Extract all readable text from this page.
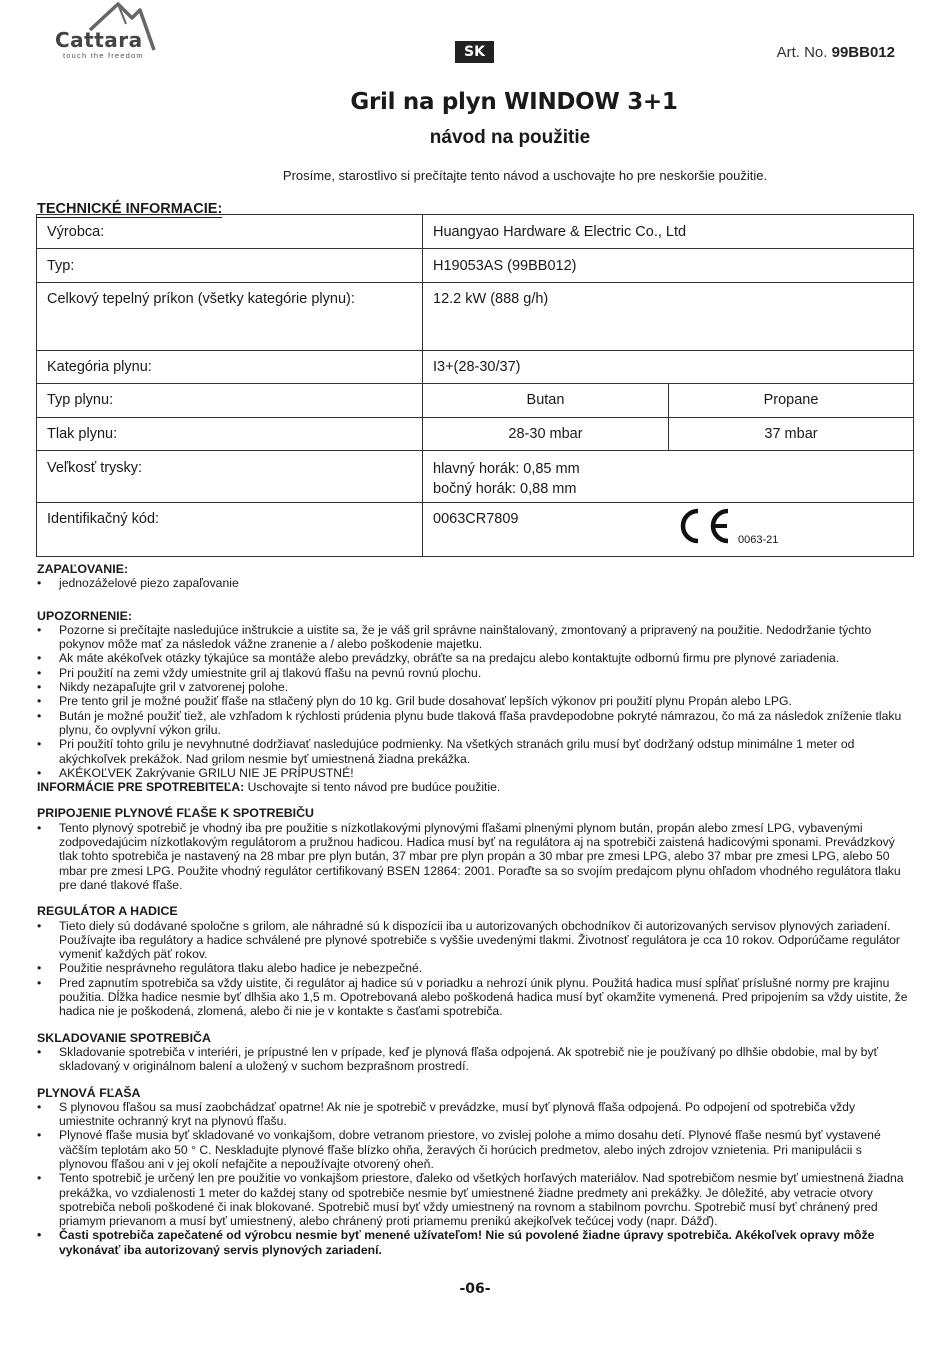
Cattara
touch the freedom	SK	Art. No. 99BB012
Gril na plyn WINDOW 3+1
návod na použitie
Prosíme, starostlivo si prečítajte tento návod a uschovajte ho pre neskoršie použitie.
TECHNICKÉ INFORMACIE:
Výrobca:	Huangyao Hardware & Electric Co., Ltd	
Typ:	H19053AS (99BB012)	
Celkový tepelný príkon (všetky kategórie plynu):	12.2 kW (888 g/h)	
Kategória plynu:	I3+(28-30/37)	
Typ plynu:	Butan	Propane
Tlak plynu:	28-30 mbar	37 mbar
Veľkosť trysky:	hlavný horák: 0,85 mm
bočný horák: 0,88 mm	

Identifikačný kód:	0063CR7809	
0063-21
ZAPAĽOVANIE:
• jednozáželové piezo zapaľovanie
UPOZORNENIE:
• Pozorne si prečítajte nasledujúce inštrukcie a uistite sa, že je váš gril správne nainštalovaný, zmontovaný a pripravený na použitie. Nedodržanie týchto pokynov môže mať za následok vážne zranenie a / alebo poškodenie majetku.
• Ak máte akékoľvek otázky týkajúce sa montáže alebo prevádzky, obráťte sa na predajcu alebo kontaktujte odbornú firmu pre plynové zariadenia.
• Pri použití na zemi vždy umiestnite gril aj tlakovú fľašu na pevnú rovnú plochu.
• Nikdy nezapaľujte gril v zatvorenej polohe.
• Pre tento gril je možné použiť fľaše na stlačený plyn do 10 kg. Gril bude dosahovať lepších výkonov pri použití plynu Propán alebo LPG.
• Bután je možné použiť tiež, ale vzhľadom k rýchlosti prúdenia plynu bude tlaková fľaša pravdepodobne pokryté námrazou, čo má za následok zníženie tlaku plynu, čo ovplyvní výkon grilu.
• Pri použití tohto grilu je nevyhnutné dodržiavať nasledujúce podmienky. Na všetkých stranách grilu musí byť dodržaný odstup minimálne 1 meter od akýchkoľvek prekážok. Nad grilom nesmie byť umiestnená žiadna prekážka.
• AKÉKOĽVEK Zakrývanie GRILU NIE JE PRÍPUSTNÉ!

INFORMÁCIE PRE SPOTREBITEĽA: Uschovajte si tento návod pre budúce použitie.

PRIPOJENIE PLYNOVÉ FĽAŠE K SPOTREBIČU
• Tento plynový spotrebič je vhodný iba pre použitie s nízkotlakovými plynovými fľašami plnenými plynom bután, propán alebo zmesí LPG, vybavenými zodpovedajúcim nízkotlakovým regulátorom a pružnou hadicou. Hadica musí byť na regulátora aj na spotrebiči zaistená hadicovými sponami. Prevádzkový tlak tohto spotrebiča je nastavený na 28 mbar pre plyn bután, 37 mbar pre plyn propán a 30 mbar pre zmesi LPG, alebo 37 mbar pre zmesi LPG, alebo 50 mbar pre zmesi LPG. Použite vhodný regulátor certifikovaný BSEN 12864: 2001. Poraďte sa so svojím predajcom plynu ohľadom vhodného regulátora tlaku pre dané tlakové fľaše.
REGULÁTOR A HADICE
• Tieto diely sú dodávané spoločne s grilom, ale náhradné sú k dispozícii iba u autorizovaných obchodníkov či autorizovaných servisov plynových zariadení. Používajte iba regulátory a hadice schválené pre plynové spotrebiče s vyššie uvedenými tlakmi. Životnosť regulátora je cca 10 rokov. Odporúčame regulátor vymeniť každých päť rokov.
• Použitie nesprávneho regulátora tlaku alebo hadice je nebezpečné.
• Pred zapnutím spotrebiča sa vždy uistite, či regulátor aj hadice sú v poriadku a nehrozí únik plynu. Použitá hadica musí spĺňať príslušné normy pre krajinu použitia. Dĺžka hadice nesmie byť dlhšia ako 1,5 m. Opotrebovaná alebo poškodená hadica musí byť okamžite vymenená. Pred pripojením sa vždy uistite, že hadica nie je poškodená, zlomená, alebo či nie je v kontakte s časťami spotrebiča.
SKLADOVANIE SPOTREBIČA
• Skladovanie spotrebiča v interiéri, je prípustné len v prípade, keď je plynová fľaša odpojená. Ak spotrebič nie je používaný po dlhšie obdobie, mal by byť skladovaný v originálnom balení a uložený v suchom bezprašnom prostredí.
PLYNOVÁ FĽAŠA
• S plynovou fľašou sa musí zaobchádzať opatrne! Ak nie je spotrebič v prevádzke, musí byť plynová fľaša odpojená. Po odpojení od spotrebiča vždy umiestnite ochranný kryt na plynovú fľašu.
• Plynové fľaše musia byť skladované vo vonkajšom, dobre vetranom priestore, vo zvislej polohe a mimo dosahu detí. Plynové fľaše nesmú byť vystavené väčším teplotám ako 50 ° C. Neskladujte plynové fľaše blízko ohňa, žeravých či horúcich predmetov, alebo iných zdrojov vznietenia. Pri manipulácii s plynovou fľašou ani v jej okolí nefajčite a nepoužívajte otvorený oheň.
• Tento spotrebič je určený len pre použitie vo vonkajšom priestore, ďaleko od všetkých horľavých materiálov. Nad spotrebičom nesmie byť umiestnená žiadna prekážka, vo vzdialenosti 1 meter do každej stany od spotrebiče nesmie byť umiestnené žiadne predmety ani prekážky. Je dôležité, aby vetracie otvory spotrebiča neboli poškodené či inak blokované. Spotrebič musí byť vždy umiestnený na rovnom a stabilnom povrchu. Spotrebič musí byť chránený pred priamym prievanom a musí byť umiestnený, alebo chránený proti priamemu prenikú akejkoľvek tečúcej vody (napr. Dážď).
• Časti spotrebiča zapečatené od výrobcu nesmie byť menené užívateľom! Nie sú povolené žiadne úpravy spotrebiča. Akékoľvek opravy môže vykonávať iba autorizovaný servis plynových zariadení.
-06-
